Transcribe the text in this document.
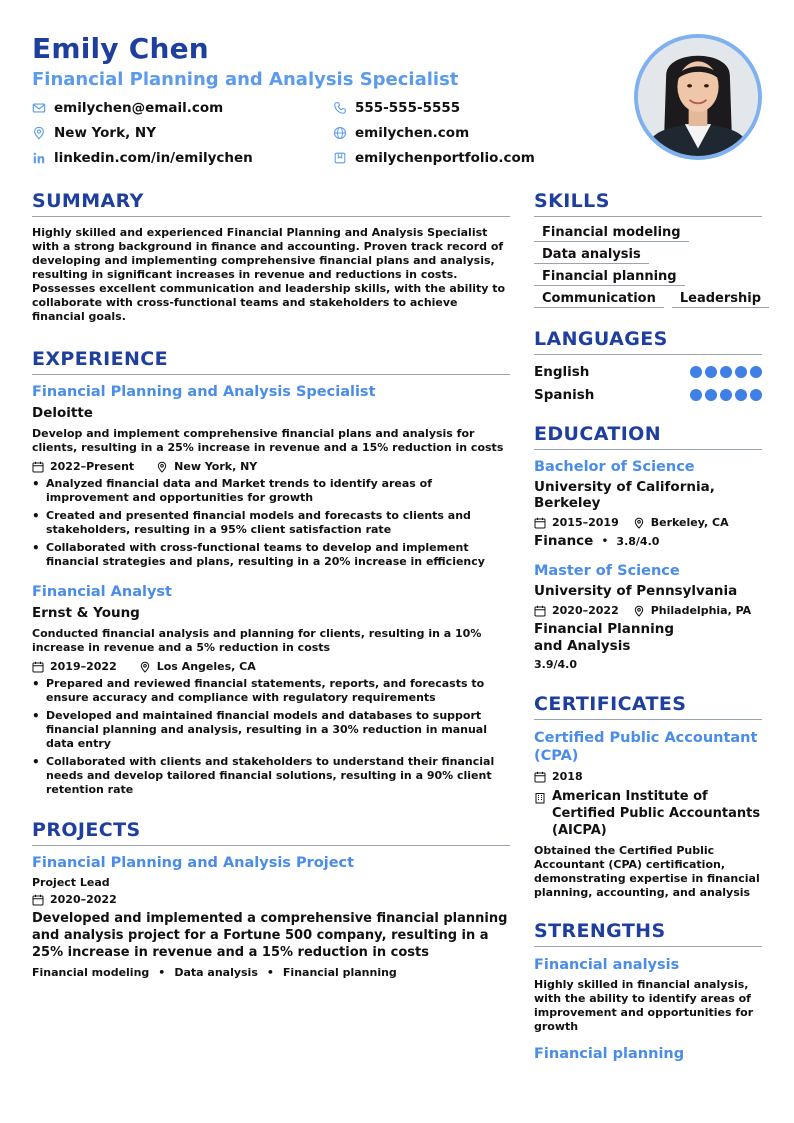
Emily Chen
Financial Planning and Analysis Specialist
emilychen@email.com	555-555-5555
New York, NY	emilychen.com
linkedin.com/in/emilychen	emilychenportfolio.com
SUMMARY
Highly skilled and experienced Financial Planning and Analysis Specialist with a strong background in finance and accounting. Proven track record of developing and implementing comprehensive financial plans and analysis, resulting in significant increases in revenue and reductions in costs. Possesses excellent communication and leadership skills, with the ability to collaborate with cross-functional teams and stakeholders to achieve financial goals.
EXPERIENCE
Financial Planning and Analysis Specialist
Deloitte
Develop and implement comprehensive financial plans and analysis for clients, resulting in a 25% increase in revenue and a 15% reduction in costs
2022–Present	New York, NY
• Analyzed financial data and Market trends to identify areas of improvement and opportunities for growth
• Created and presented financial models and forecasts to clients and stakeholders, resulting in a 95% client satisfaction rate
• Collaborated with cross-functional teams to develop and implement financial strategies and plans, resulting in a 20% increase in efficiency
Financial Analyst
Ernst & Young
Conducted financial analysis and planning for clients, resulting in a 10% increase in revenue and a 5% reduction in costs
2019–2022	Los Angeles, CA
• Prepared and reviewed financial statements, reports, and forecasts to ensure accuracy and compliance with regulatory requirements
• Developed and maintained financial models and databases to support financial planning and analysis, resulting in a 30% reduction in manual data entry
• Collaborated with clients and stakeholders to understand their financial needs and develop tailored financial solutions, resulting in a 90% client retention rate
PROJECTS
Financial Planning and Analysis Project
Project Lead
2020–2022
Developed and implemented a comprehensive financial planning and analysis project for a Fortune 500 company, resulting in a 25% increase in revenue and a 15% reduction in costs
Financial modeling • Data analysis • Financial planning
SKILLS
Financial modeling
Data analysis
Financial planning
Communication	Leadership
LANGUAGES
English
Spanish
EDUCATION
Bachelor of Science
University of California, Berkeley
2015–2019	Berkeley, CA
Finance • 3.8/4.0
Master of Science
University of Pennsylvania
2020–2022	Philadelphia, PA
Financial Planning and Analysis
3.9/4.0
CERTIFICATES
Certified Public Accountant (CPA)
2018
American Institute of Certified Public Accountants (AICPA)
Obtained the Certified Public Accountant (CPA) certification, demonstrating expertise in financial planning, accounting, and analysis
STRENGTHS
Financial analysis
Highly skilled in financial analysis, with the ability to identify areas of improvement and opportunities for growth
Financial planning
